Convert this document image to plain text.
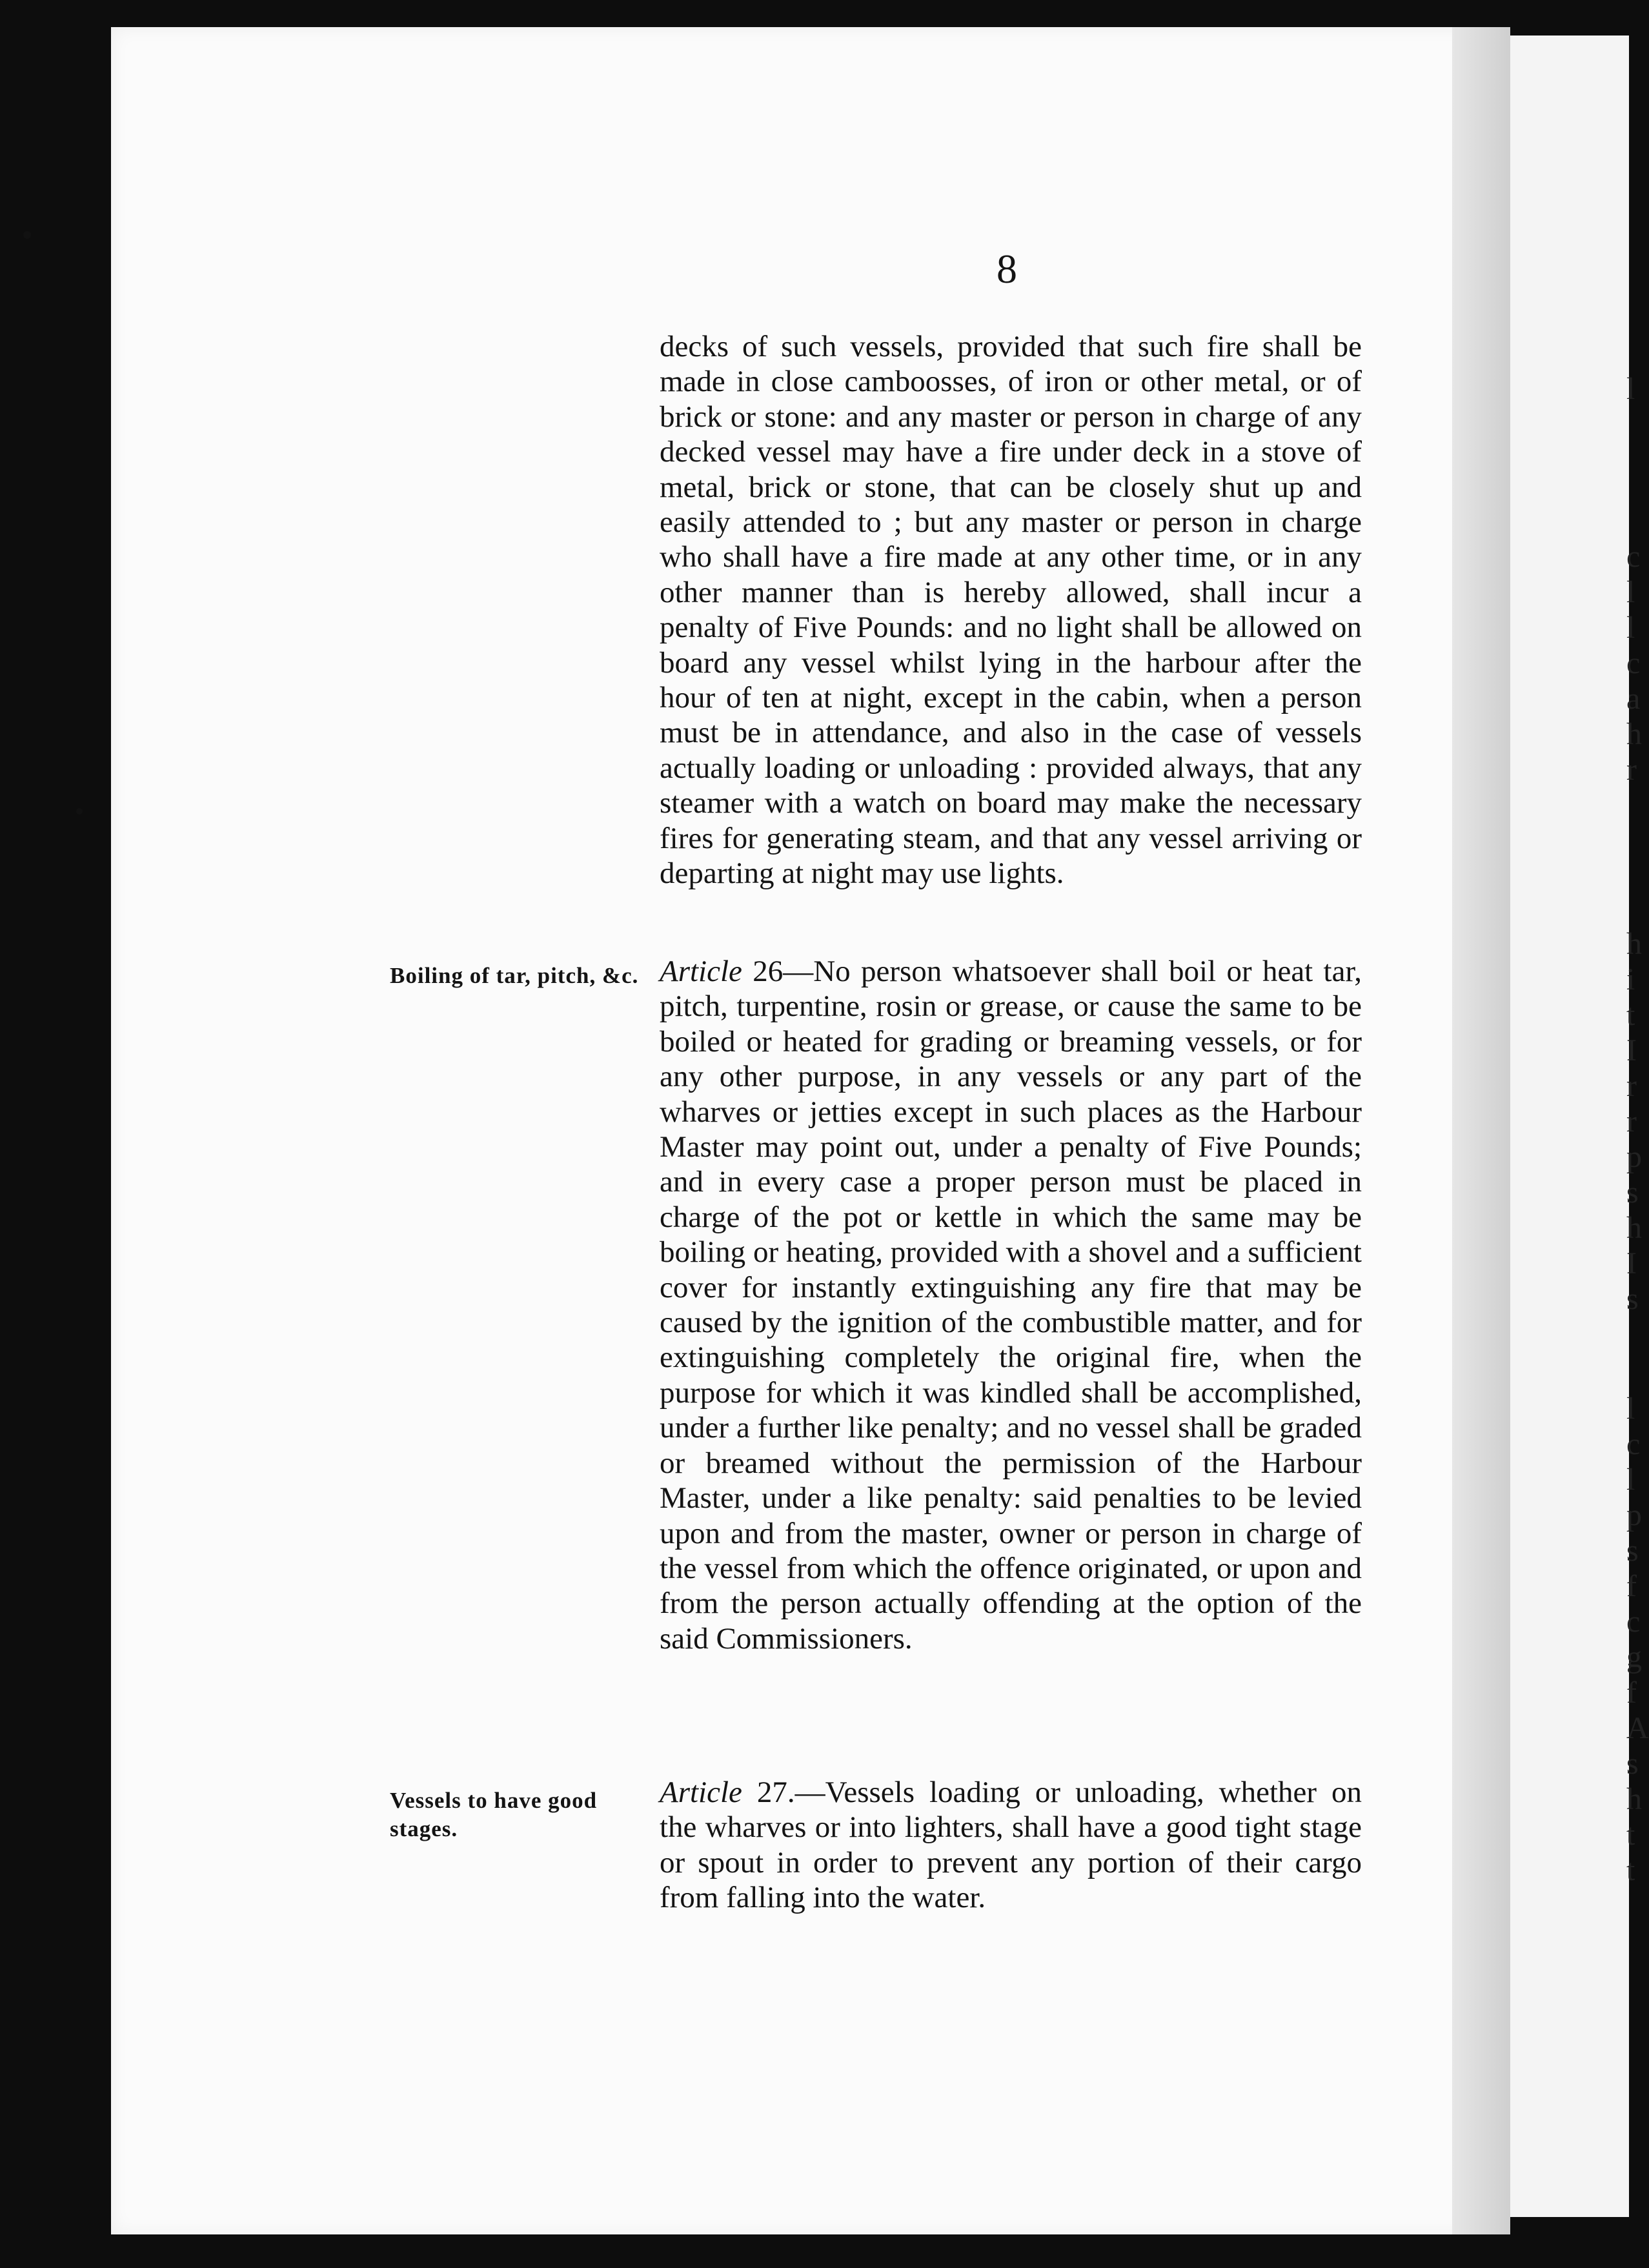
l
c
l
l
c
a
h
r
h
i
t
I
r
r
p
s
h
I
s
l
c
l
p
s
f
c
g
f
A
s
h
t
t
8
decks of such vessels, provided that such fire shall be made in close camboosses, of iron or other metal, or of brick or stone: and any master or person in charge of any decked vessel may have a fire under deck in a stove of metal, brick or stone, that can be closely shut up and easily attended to ; but any master or person in charge who shall have a fire made at any other time, or in any other manner than is hereby allowed, shall incur a penalty of Five Pounds: and no light shall be allowed on board any vessel whilst lying in the harbour after the hour of ten at night, except in the cabin, when a person must be in attendance, and also in the case of vessels actually loading or unloading : provided always, that any steamer with a watch on board may make the necessary fires for generating steam, and that any vessel arriving or departing at night may use lights.
Boiling of tar, pitch, &c. Article 26—No person whatsoever shall boil or heat tar, pitch, turpentine, rosin or grease, or cause the same to be boiled or heated for grading or breaming vessels, or for any other purpose, in any vessels or any part of the wharves or jetties except in such places as the Harbour Master may point out, under a penalty of Five Pounds; and in every case a proper person must be placed in charge of the pot or kettle in which the same may be boiling or heating, provided with a shovel and a sufficient cover for instantly extinguishing any fire that may be caused by the ignition of the combustible matter, and for extinguishing completely the original fire, when the purpose for which it was kindled shall be accomplished, under a further like penalty; and no vessel shall be graded or breamed without the permission of the Harbour Master, under a like penalty: said penalties to be levied upon and from the master, owner or person in charge of the vessel from which the offence originated, or upon and from the person actually offending at the option of the said Commissioners.
Vessels to have good stages.
Article 27.—Vessels loading or unloading, whether on the wharves or into lighters, shall have a good tight stage or spout in order to prevent any portion of their cargo from falling into the water.
